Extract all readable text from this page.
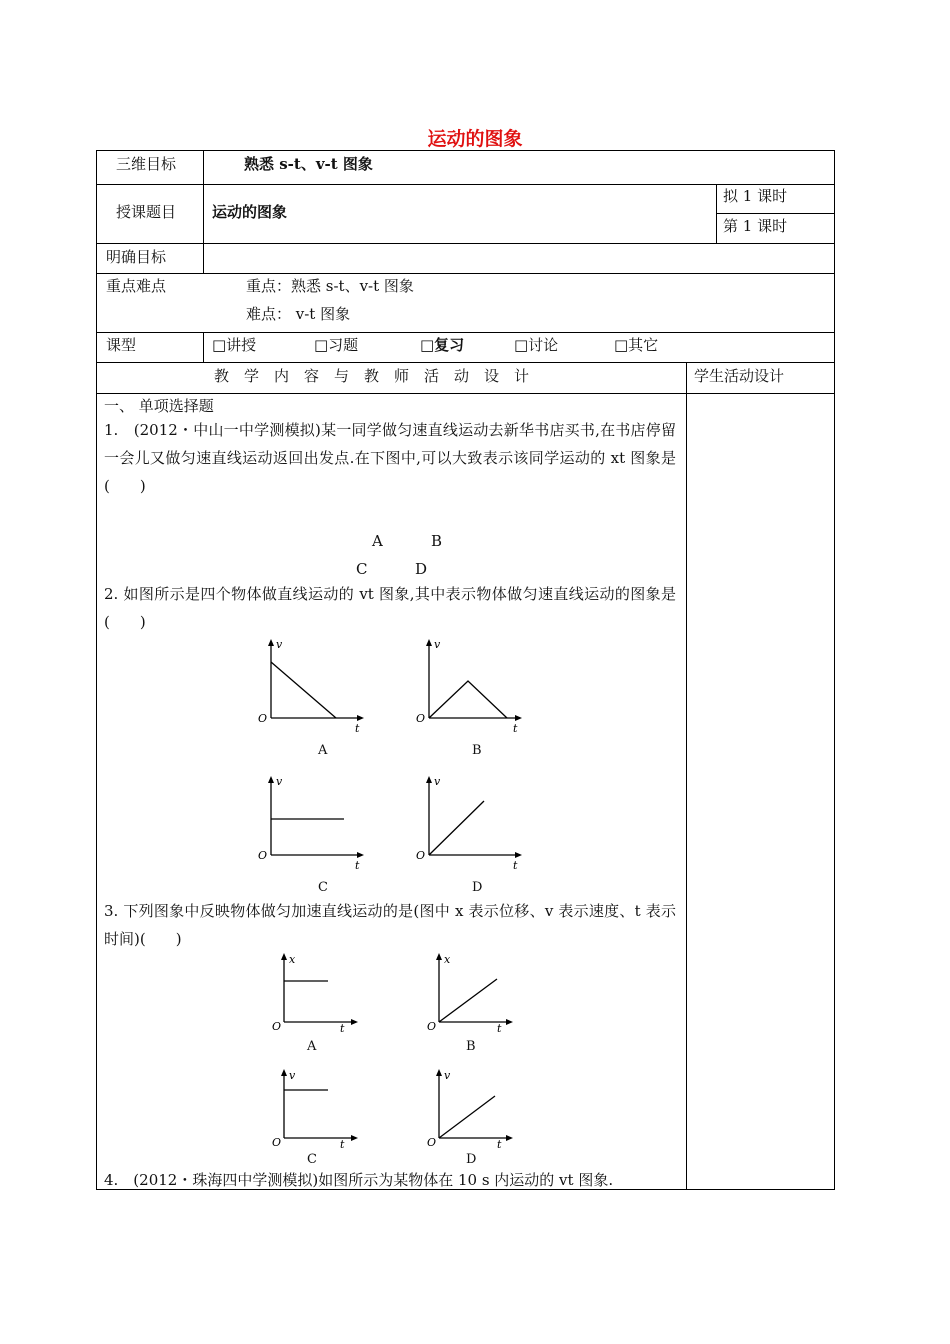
运动的图象
三维目标	熟悉 s-t、v-t 图象
授课题目 运动的图象
拟 1 课时
第 1 课时
明确目标
重点难点	重点：熟悉 s-t、v-t 图象
难点： v-t 图象
课型	□讲授	□习题	□复习	□讨论	□其它
教　学　内　容　与　教　师　活　动　设　计	学生活动设计
一、 单项选择题
1.　(2012・中山一中学测模拟)某一同学做匀速直线运动去新华书店买书,在书店停留一会儿又做匀速直线运动返回出发点.在下图中,可以大致表示该同学运动的 xt 图象是(　　)
A	B
C	D
2. 如图所示是四个物体做直线运动的 vt 图象,其中表示物体做匀速直线运动的图象是(　　)
O
t
v
A
O
t
v
B
O
t
v
C
O
t
v
D
3. 下列图象中反映物体做匀加速直线运动的是(图中 x 表示位移、v 表示速度、t 表示时间)(　　)
O	t
x
A
O	t
x
B
O	t
v
C
O	t
v
D
4.　(2012・珠海四中学测模拟)如图所示为某物体在 10 s 内运动的 vt 图象.
